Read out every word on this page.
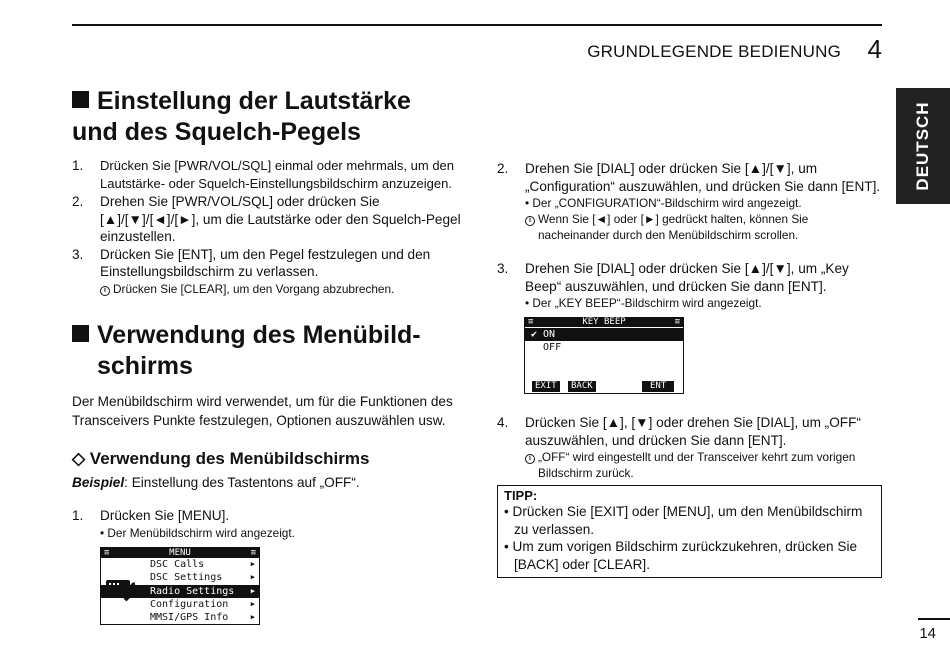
GRUNDLEGENDE BEDIENUNG 4
DEUTSCH
Einstellung der Lautstärke
und des Squelch-Pegels
1.	Drücken Sie [PWR/VOL/SQL] einmal oder mehrmals, um den Lautstärke- oder Squelch-Einstellungsbildschirm anzuzeigen.
2.	Drehen Sie [PWR/VOL/SQL] oder drücken Sie [▲]/[▼]/[◄]/[►], um die Lautstärke oder den Squelch-Pegel einzustellen.
3.	Drücken Sie [ENT], um den Pegel festzulegen und den Einstellungsbildschirm zu verlassen.
i Drücken Sie [CLEAR], um den Vorgang abzubrechen.
Verwendung des Menübild-
schirms
Der Menübildschirm wird verwendet, um für die Funktionen des Transceivers Punkte festzulegen, Optionen auszuwählen usw.
◇ Verwendung des Menübildschirms
Beispiel: Einstellung des Tastentons auf „OFF“.
1.	Drücken Sie [MENU].
• Der Menübildschirm wird angezeigt.
≡	MENU	≡
DSC Calls	▶
DSC Settings	▶
Radio Settings ▶
Configuration	▶
MMSI/GPS Info	▶
2.	Drehen Sie [DIAL] oder drücken Sie [▲]/[▼], um „Configuration“ auszuwählen, und drücken Sie dann [ENT].
• Der „CONFIGURATION“-Bildschirm wird angezeigt.
i Wenn Sie [◄] oder [►] gedrückt halten, können Sie nacheinander durch den Menübildschirm scrollen.
3.	Drehen Sie [DIAL] oder drücken Sie [▲]/[▼], um „Key Beep“ auszuwählen, und drücken Sie dann [ENT].
• Der „KEY BEEP“-Bildschirm wird angezeigt.
≡	KEY BEEP	≡
✔ ON
OFF
EXIT	BACK	ENT
4.	Drücken Sie [▲], [▼] oder drehen Sie [DIAL], um „OFF“ auszuwählen, und drücken Sie dann [ENT].
i „OFF“ wird eingestellt und der Transceiver kehrt zum vorigen Bildschirm zurück.
TIPP:
• Drücken Sie [EXIT] oder [MENU], um den Menübildschirm zu verlassen.
• Um zum vorigen Bildschirm zurückzukehren, drücken Sie [BACK] oder [CLEAR].
14
